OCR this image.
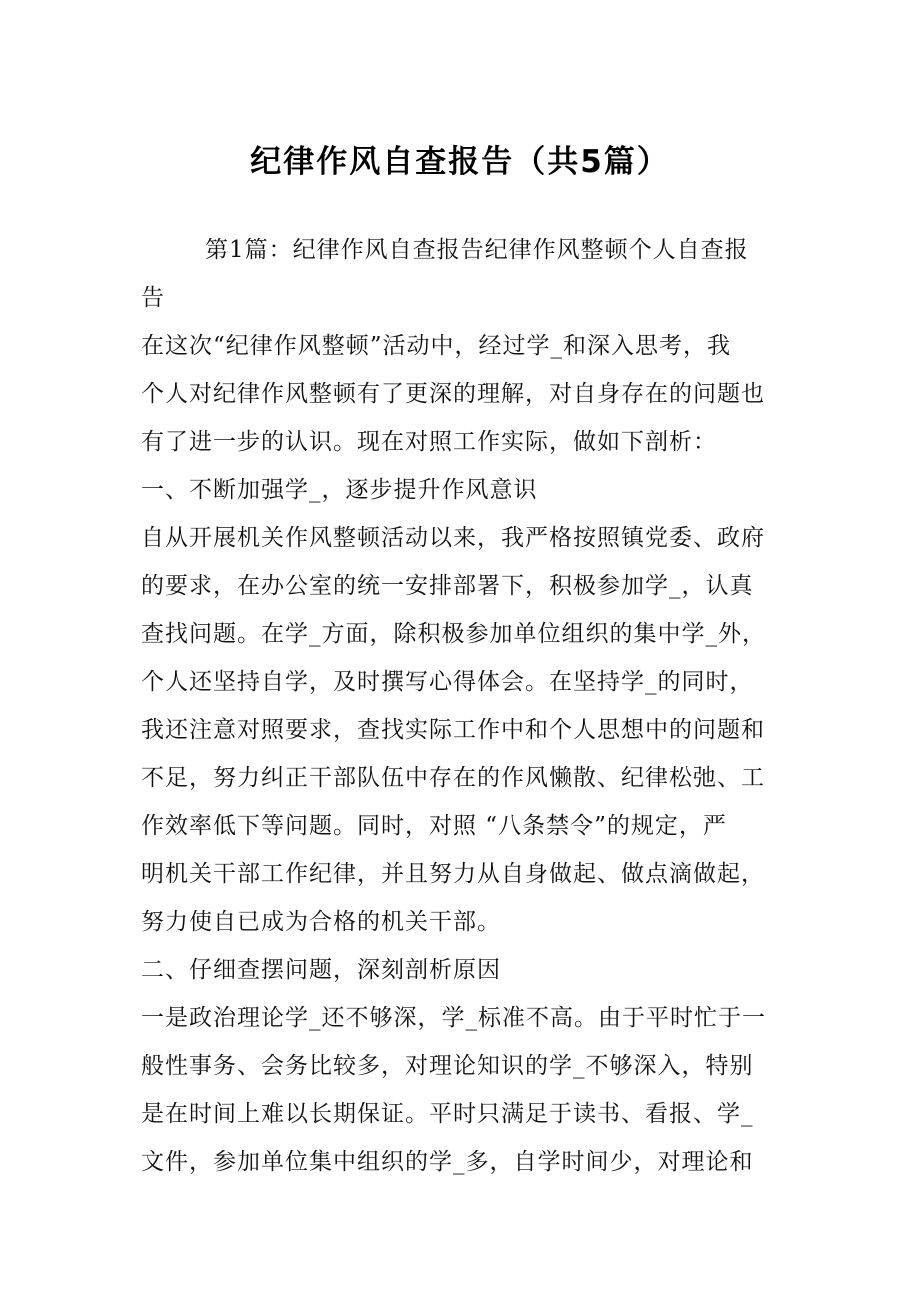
纪律作风自查报告（共5篇）
第1篇：纪律作风自查报告纪律作风整顿个人自查报
告
在这次“纪律作风整顿”活动中，经过学_和深入思考，我
个人对纪律作风整顿有了更深的理解，对自身存在的问题也
有了进一步的认识。现在对照工作实际，做如下剖析：
一、不断加强学_，逐步提升作风意识
自从开展机关作风整顿活动以来，我严格按照镇党委、政府
的要求，在办公室的统一安排部署下，积极参加学_，认真
查找问题。在学_方面，除积极参加单位组织的集中学_外，
个人还坚持自学，及时撰写心得体会。在坚持学_的同时，
我还注意对照要求，查找实际工作中和个人思想中的问题和
不足，努力纠正干部队伍中存在的作风懒散、纪律松弛、工
作效率低下等问题。同时，对照 “八条禁令”的规定，严
明机关干部工作纪律，并且努力从自身做起、做点滴做起，
努力使自已成为合格的机关干部。
二、仔细查摆问题，深刻剖析原因
一是政治理论学_还不够深，学_标准不高。由于平时忙于一
般性事务、会务比较多，对理论知识的学_不够深入，特别
是在时间上难以长期保证。平时只满足于读书、看报、学_
文件，参加单位集中组织的学_多，自学时间少，对理论和
